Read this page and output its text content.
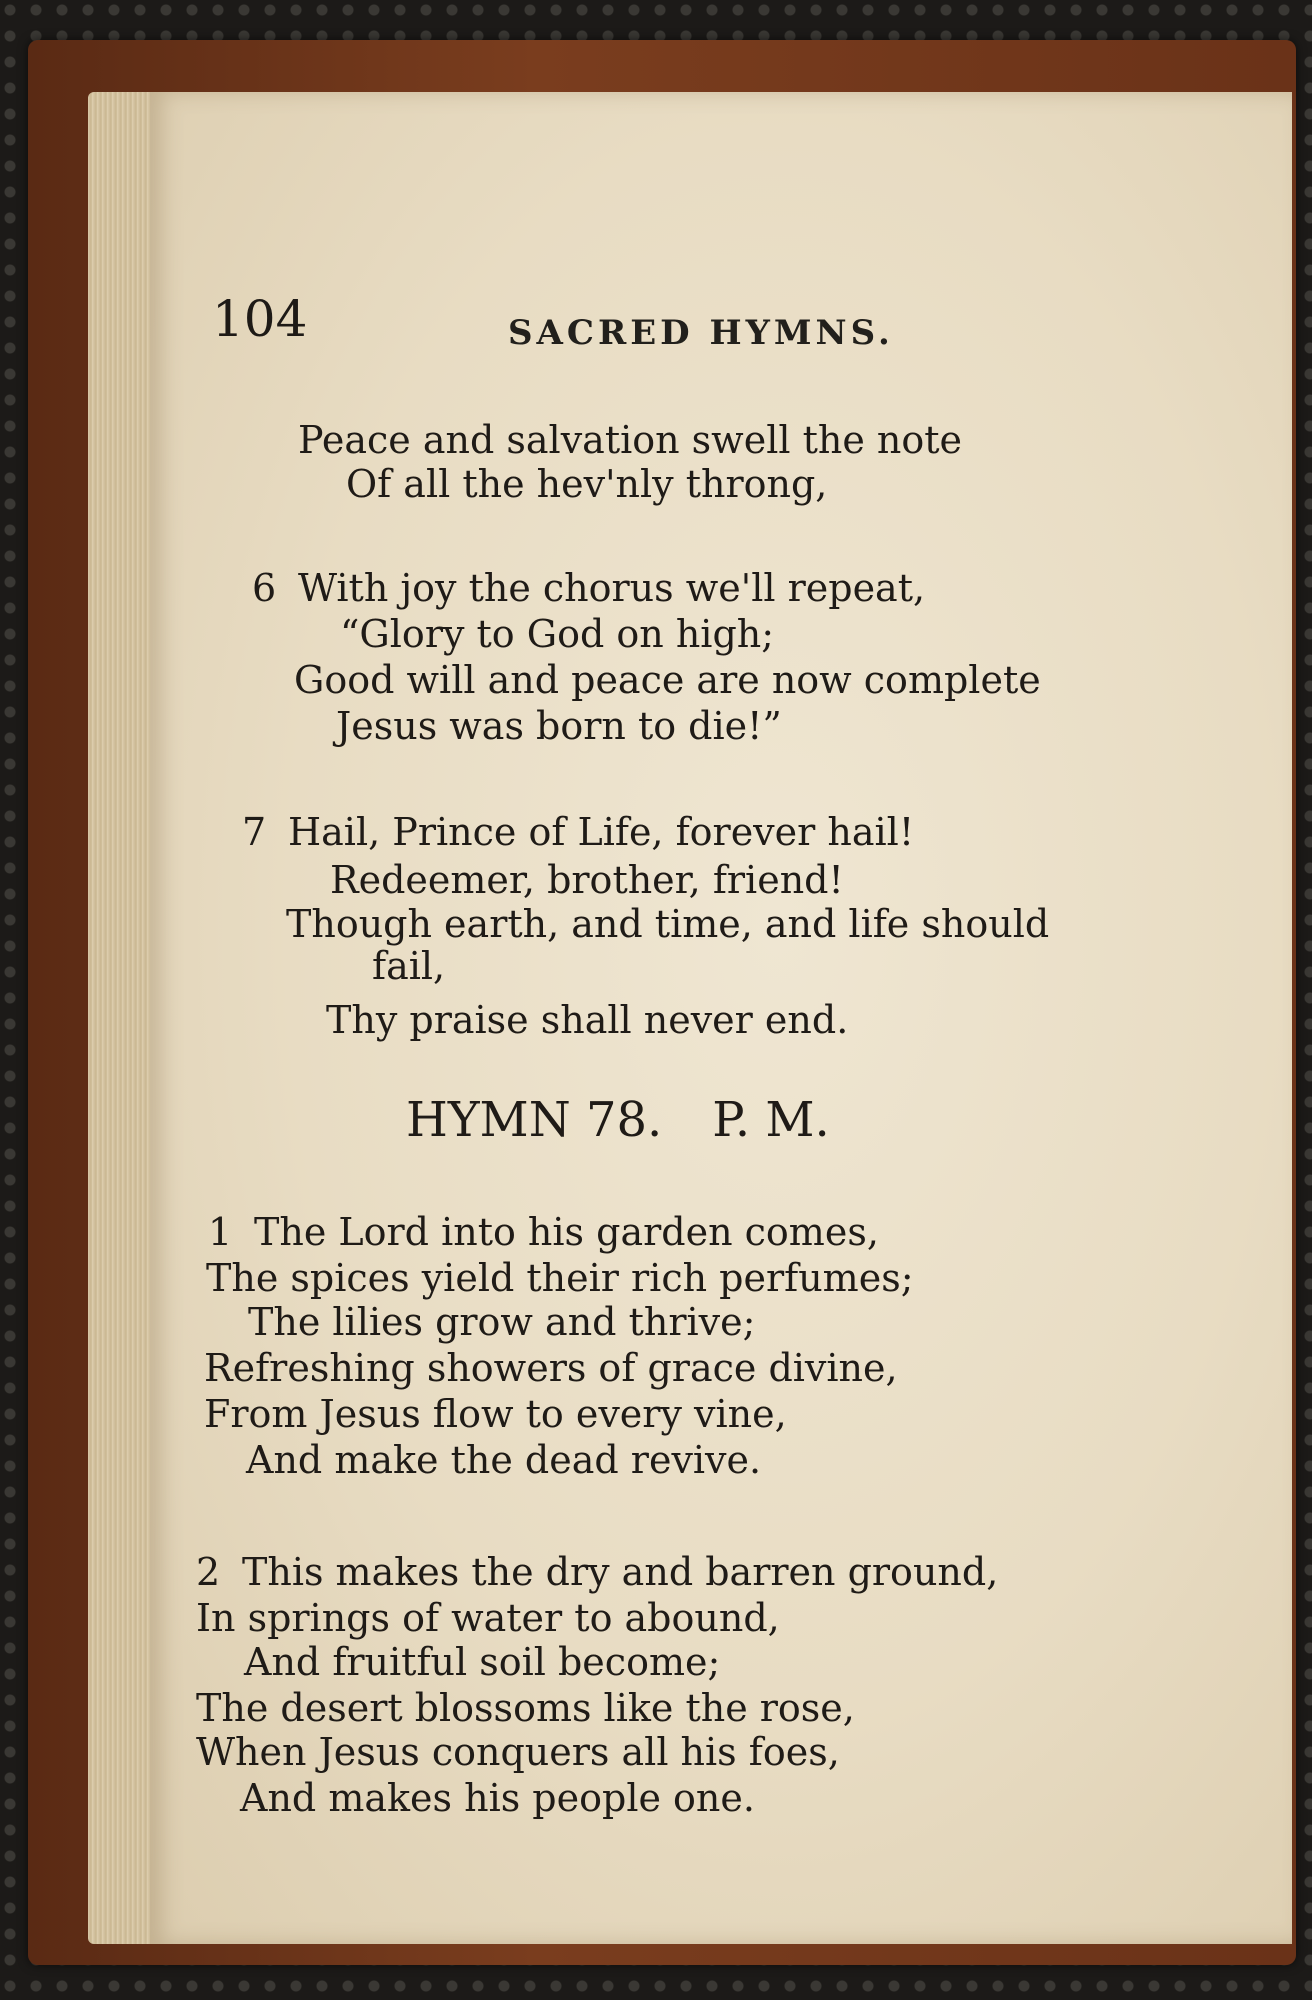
104	SACRED HYMNS.
Peace and salvation swell the note
Of all the hev'nly throng,
6 With joy the chorus we'll repeat,
“Glory to God on high;
Good will and peace are now complete
Jesus was born to die!”
7 Hail, Prince of Life, forever hail!
Redeemer, brother, friend!
Though earth, and time, and life should
fail,
Thy praise shall never end.
HYMN 78. P. M.
1 The Lord into his garden comes,
The spices yield their rich perfumes;
The lilies grow and thrive;
Refreshing showers of grace divine,
From Jesus flow to every vine,
And make the dead revive.
2 This makes the dry and barren ground,
In springs of water to abound,
And fruitful soil become;
The desert blossoms like the rose,
When Jesus conquers all his foes,
And makes his people one.
